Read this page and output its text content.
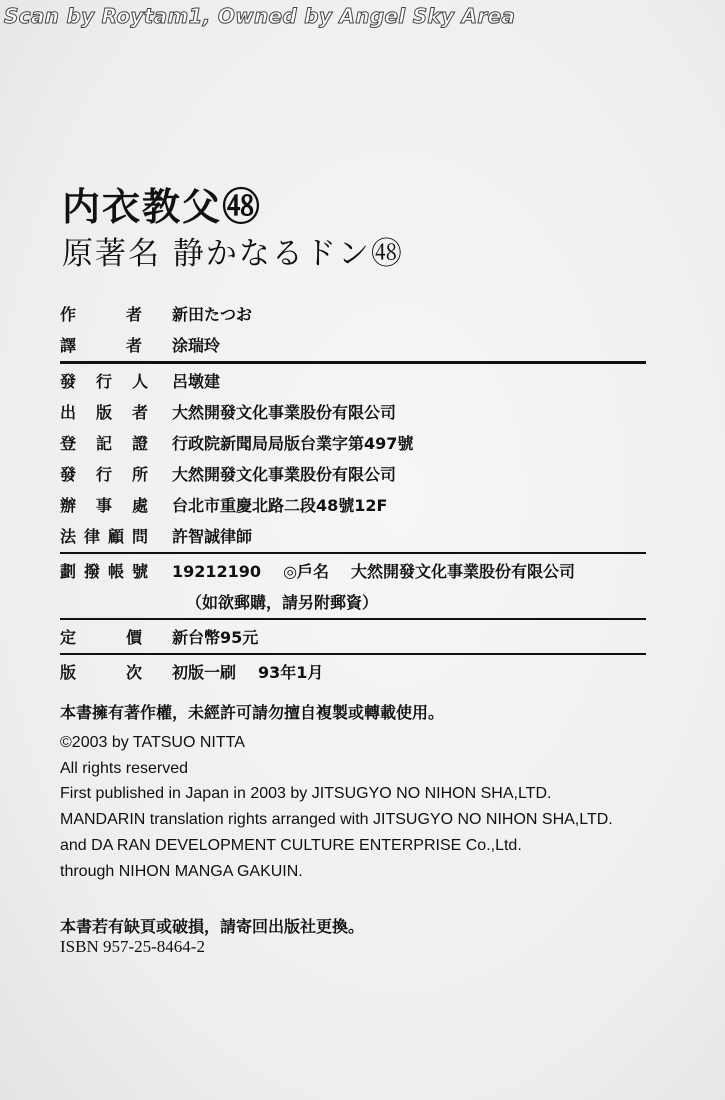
Scan by Roytam1, Owned by Angel Sky Area
内衣教父㊽
原著名 静かなるドン㊽
作	者 新田たつお
譯	者 涂瑞玲
發 行 人 呂墩建
出 版 者 大然開發文化事業股份有限公司
登 記 證 行政院新聞局局版台業字第497號
發 行 所 大然開發文化事業股份有限公司
辦 事 處 台北市重慶北路二段48號12F
法 律 顧 問 許智誠律師
劃 撥 帳 號 19212190 ◎戶名 大然開發文化事業股份有限公司
（如欲郵購，請另附郵資）
定	價 新台幣95元
版	次 初版一刷 93年1月
本書擁有著作權，未經許可請勿擅自複製或轉載使用。
©2003 by TATSUO NITTA
All rights reserved
First published in Japan in 2003 by JITSUGYO NO NIHON SHA,LTD.
MANDARIN translation rights arranged with JITSUGYO NO NIHON SHA,LTD.
and DA RAN DEVELOPMENT CULTURE ENTERPRISE Co.,Ltd.
through NIHON MANGA GAKUIN.
本書若有缺頁或破損，請寄回出版社更換。
ISBN 957-25-8464-2
